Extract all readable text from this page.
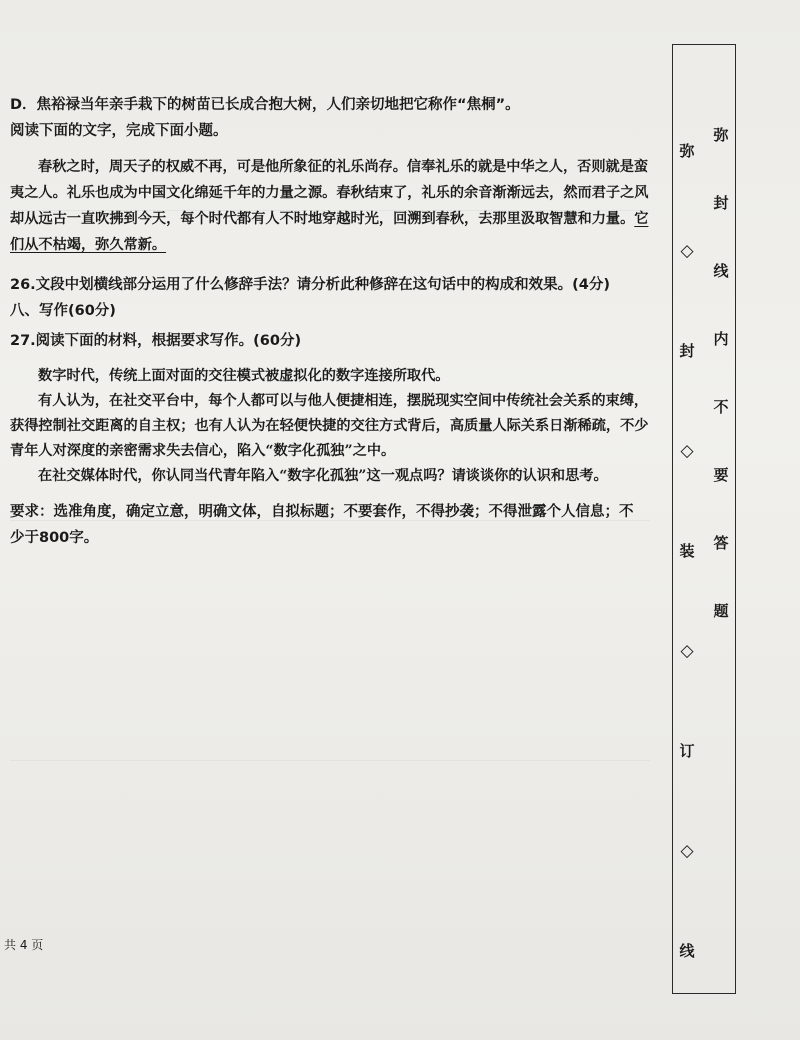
D．焦裕禄当年亲手栽下的树苗已长成合抱大树，人们亲切地把它称作“焦桐”。
阅读下面的文字，完成下面小题。
春秋之时，周天子的权威不再，可是他所象征的礼乐尚存。信奉礼乐的就是中华之人，否则就是蛮
夷之人。礼乐也成为中国文化绵延千年的力量之源。春秋结束了，礼乐的余音渐渐远去，然而君子之风
却从远古一直吹拂到今天，每个时代都有人不时地穿越时光，回溯到春秋，去那里汲取智慧和力量。它
们从不枯竭，弥久常新。
26.文段中划横线部分运用了什么修辞手法？请分析此种修辞在这句话中的构成和效果。(4分)
八、写作(60分)
27.阅读下面的材料，根据要求写作。(60分)
数字时代，传统上面对面的交往模式被虚拟化的数字连接所取代。
有人认为，在社交平台中，每个人都可以与他人便捷相连，摆脱现实空间中传统社会关系的束缚，
获得控制社交距离的自主权；也有人认为在轻便快捷的交往方式背后，高质量人际关系日渐稀疏，不少
青年人对深度的亲密需求失去信心，陷入“数字化孤独”之中。
在社交媒体时代，你认同当代青年陷入“数字化孤独”这一观点吗？请谈谈你的认识和思考。
要求：选准角度，确定立意，明确文体，自拟标题；不要套作，不得抄袭；不得泄露个人信息；不
少于800字。
共 4 页
弥
◇
封
◇
装
◇
订
◇
线
弥
封
线
内
不
要
答
题
